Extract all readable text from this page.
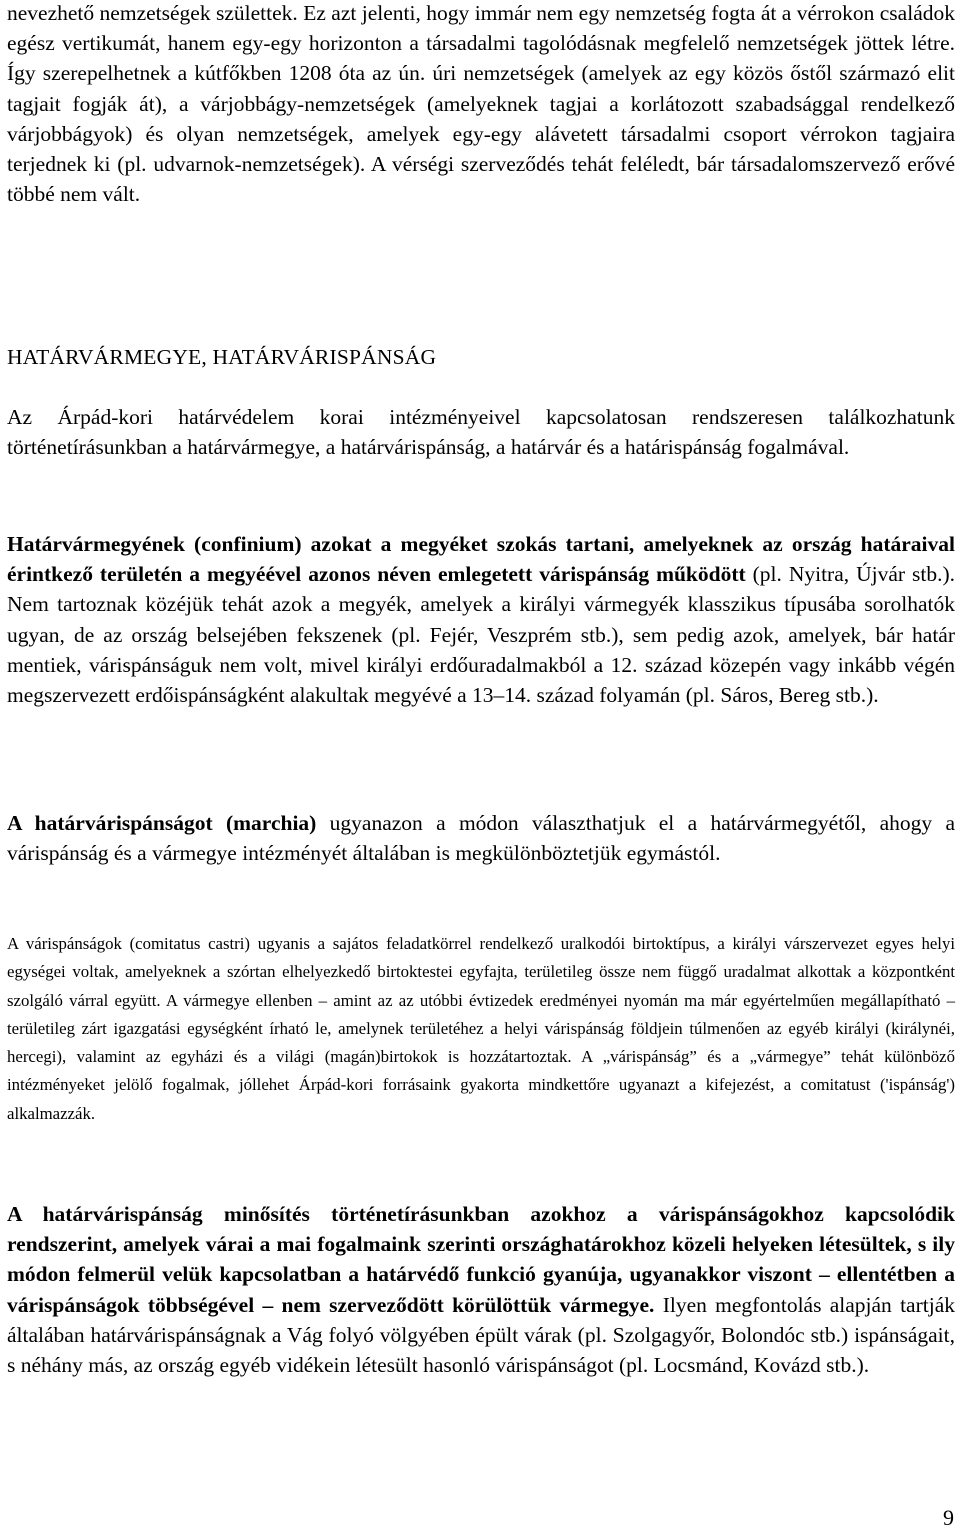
nevezhető nemzetségek születtek. Ez azt jelenti, hogy immár nem egy nemzetség fogta át a vérrokon családok egész vertikumát, hanem egy-egy horizonton a társadalmi tagolódásnak megfelelő nemzetségek jöttek létre. Így szerepelhetnek a kútfőkben 1208 óta az ún. úri nemzetségek (amelyek az egy közös őstől származó elit tagjait fogják át), a várjobbágy-nemzetségek (amelyeknek tagjai a korlátozott szabadsággal rendelkező várjobbágyok) és olyan nemzetségek, amelyek egy-egy alávetett társadalmi csoport vérrokon tagjaira terjednek ki (pl. udvarnok-nemzetségek). A vérségi szerveződés tehát feléledt, bár társadalomszervező erővé többé nem vált.

HATÁRVÁRMEGYE, HATÁRVÁRISPÁNSÁG

Az Árpád-kori határvédelem korai intézményeivel kapcsolatosan rendszeresen találkozhatunk történetírásunkban a határvármegye, a határvárispánság, a határvár és a határispánság fogalmával.

Határvármegyének (confinium) azokat a megyéket szokás tartani, amelyeknek az ország határaival érintkező területén a megyéével azonos néven emlegetett várispánság működött (pl. Nyitra, Újvár stb.). Nem tartoznak közéjük tehát azok a megyék, amelyek a királyi vármegyék klasszikus típusába sorolhatók ugyan, de az ország belsejében fekszenek (pl. Fejér, Veszprém stb.), sem pedig azok, amelyek, bár határ mentiek, várispánságuk nem volt, mivel királyi erdőuradalmakból a 12. század közepén vagy inkább végén megszervezett erdőispánságként alakultak megyévé a 13–14. század folyamán (pl. Sáros, Bereg stb.).

A határvárispánságot (marchia) ugyanazon a módon választhatjuk el a határvármegyétől, ahogy a várispánság és a vármegye intézményét általában is megkülönböztetjük egymástól.

A várispánságok (comitatus castri) ugyanis a sajátos feladatkörrel rendelkező uralkodói birtoktípus, a királyi várszervezet egyes helyi egységei voltak, amelyeknek a szórtan elhelyezkedő birtoktestei egyfajta, területileg össze nem függő uradalmat alkottak a központként szolgáló várral együtt. A vármegye ellenben – amint az az utóbbi évtizedek eredményei nyomán ma már egyértelműen megállapítható – területileg zárt igazgatási egységként írható le, amelynek területéhez a helyi várispánság földjein túlmenően az egyéb királyi (királynéi, hercegi), valamint az egyházi és a világi (magán)birtokok is hozzátartoztak. A „várispánság” és a „vármegye” tehát különböző intézményeket jelölő fogalmak, jóllehet Árpád-kori forrásaink gyakorta mindkettőre ugyanazt a kifejezést, a comitatust ('ispánság') alkalmazzák.

A határvárispánság minősítés történetírásunkban azokhoz a várispánságokhoz kapcsolódik rendszerint, amelyek várai a mai fogalmaink szerinti országhatárokhoz közeli helyeken létesültek, s ily módon felmerül velük kapcsolatban a határvédő funkció gyanúja, ugyanakkor viszont – ellentétben a várispánságok többségével – nem szerveződött körülöttük vármegye. Ilyen megfontolás alapján tartják általában határvárispánságnak a Vág folyó völgyében épült várak (pl. Szolgagyőr, Bolondóc stb.) ispánságait, s néhány más, az ország egyéb vidékein létesült hasonló várispánságot (pl. Locsmánd, Kovázd stb.).

9
